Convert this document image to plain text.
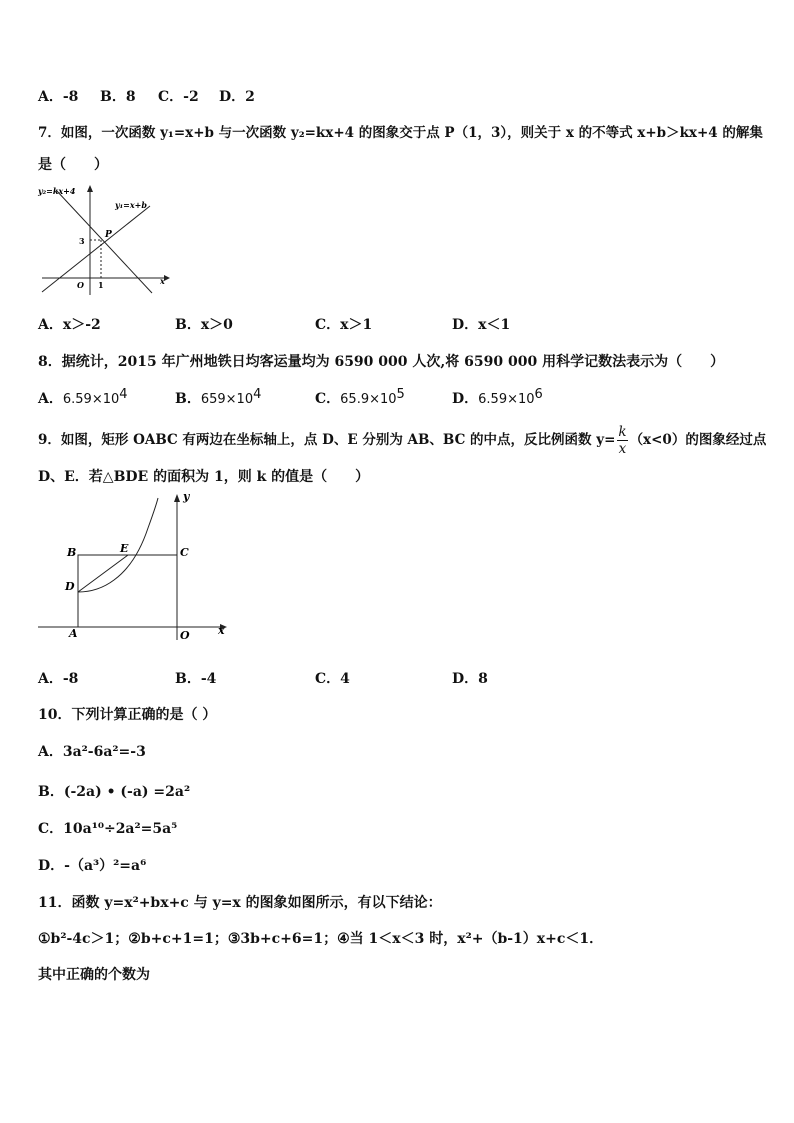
A．-8 B．8 C．-2 D．2
7．如图，一次函数 y₁=x+b 与一次函数 y₂=kx+4 的图象交于点 P（1，3），则关于 x 的不等式 x+b＞kx+4 的解集
是（　　）
y₂=kx+4
y₁=x+b
P
3
O 1	x
A．x＞-2	B．x＞0	C．x＞1	D．x＜1
8．据统计，2015 年广州地铁日均客运量均为 6590 000 人次,将 6590 000 用科学记数法表示为（　　）
A．$6.59\times 10^4$	B．$659\times 10^4$	C．$65.9\times 10^5$	D．$6.59\times 10^6$
9．如图，矩形 OABC 有两边在坐标轴上，点 D、E 分别为 AB、BC 的中点，反比例函数 $y= \frac{k}{x} (x<0)$的图象经过点
D、E．若△BDE 的面积为 1，则 k 的值是（　　）
y
B	E	C
D
A	O	x
A．-8	B．-4	C．4	D．8
10．下列计算正确的是（ ）
A．3a²-6a²=-3
B．(-2a) • (-a) =2a²
C．10a¹⁰÷2a²=5a⁵
D．-（a³）²=a⁶
11．函数 y=x²+bx+c 与 y=x 的图象如图所示，有以下结论：
①b²-4c＞1；②b+c+1=1；③3b+c+6=1；④当 1＜x＜3 时，x²+（b-1）x+c＜1．
其中正确的个数为
